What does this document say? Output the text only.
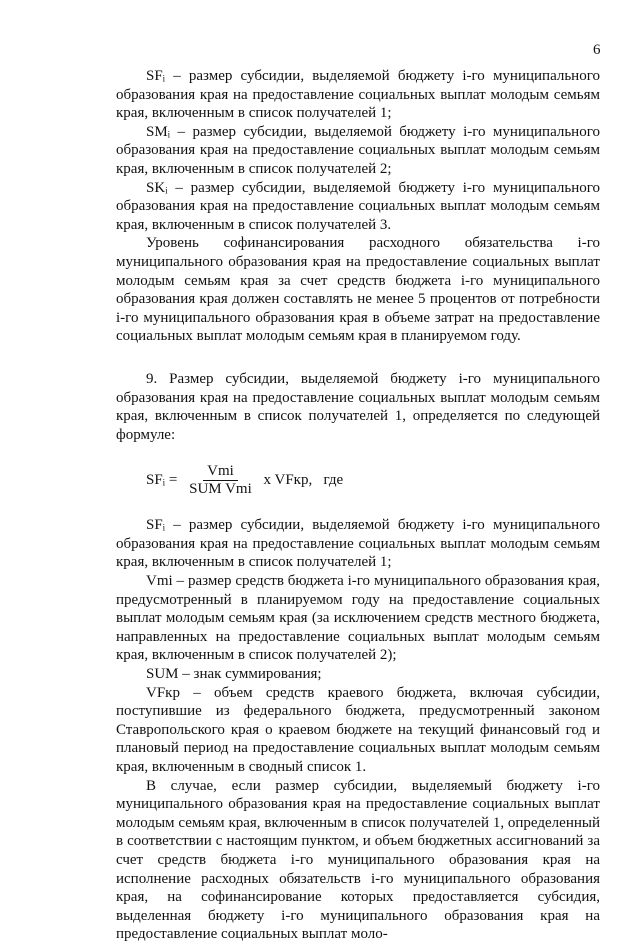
6

SFᵢ – размер субсидии, выделяемой бюджету i-го муниципального образования края на предоставление социальных выплат молодым семьям края, включенным в список получателей 1;

SMᵢ – размер субсидии, выделяемой бюджету i-го муниципального образования края на предоставление социальных выплат молодым семьям края, включенным в список получателей 2;

SKᵢ – размер субсидии, выделяемой бюджету i-го муниципального образования края на предоставление социальных выплат молодым семьям края, включенным в список получателей 3.

Уровень софинансирования расходного обязательства i-го муниципального образования края на предоставление социальных выплат молодым семьям края за счет средств бюджета i-го муниципального образования края должен составлять не менее 5 процентов от потребности i-го муниципального образования края в объеме затрат на предоставление социальных выплат молодым семьям края в планируемом году.

9. Размер субсидии, выделяемой бюджету i-го муниципального образования края на предоставление социальных выплат молодым семьям края, включенным в список получателей 1, определяется по следующей формуле:

SFᵢ = $\frac{\text{Vmi}}{\text{SUM Vmi}}$ x VFкр,   где

SFᵢ – размер субсидии, выделяемой бюджету i-го муниципального образования края на предоставление социальных выплат молодым семьям края, включенным в список получателей 1;

Vmi – размер средств бюджета i-го муниципального образования края, предусмотренный в планируемом году на предоставление социальных выплат молодым семьям края (за исключением средств местного бюджета, направленных на предоставление социальных выплат молодым семьям края, включенным в список получателей 2);

SUM – знак суммирования;

VFкр – объем средств краевого бюджета, включая субсидии, поступившие из федерального бюджета, предусмотренный законом Ставропольского края о краевом бюджете на текущий финансовый год и плановый период на предоставление социальных выплат молодым семьям края, включенным в сводный список 1.

В случае, если размер субсидии, выделяемый бюджету i-го муниципального образования края на предоставление социальных выплат молодым семьям края, включенным в список получателей 1, определенный в соответствии с настоящим пунктом, и объем бюджетных ассигнований за счет средств бюджета i-го муниципального образования края на исполнение расходных обязательств i-го муниципального образования края, на софинансирование которых предоставляется субсидия, выделенная бюджету i-го муниципального образования края на предоставление социальных выплат моло-
